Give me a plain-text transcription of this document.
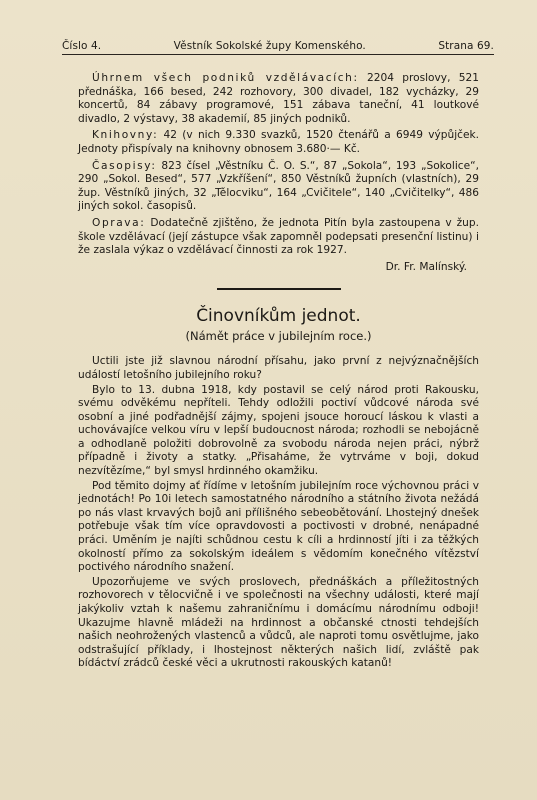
Číslo 4.	Věstník Sokolské župy Komenského.	Strana 69.

Úhrnem všech podniků vzdělávacích: 2204 proslovy, 521 přednáška, 166 besed, 242 rozhovory, 300 divadel, 182 vycházky, 29 koncertů, 84 zábavy programové, 151 zábava taneční, 41 loutkové divadlo, 2 výstavy, 38 akademií, 85 jiných podniků.

Knihovny: 42 (v nich 9.330 svazků, 1520 čtenářů a 6949 výpůjček. Jednoty přispívaly na knihovny obnosem 3.680·— Kč.

Časopisy: 823 čísel „Věstníku Č. O. S.“, 87 „Sokola“, 193 „Sokolice“, 290 „Sokol. Besed“, 577 „Vzkříšení“, 850 Věstníků župních (vlastních), 29 žup. Věstníků jiných, 32 „Tělocviku“, 164 „Cvičitele“, 140 „Cvičitelky“, 486 jiných sokol. časopisů.

Oprava: Dodatečně zjištěno, že jednota Pitín byla zastoupena v žup. škole vzdělávací (její zástupce však zapomněl podepsati presenční listinu) i že zaslala výkaz o vzdělávací činnosti za rok 1927.

Dr. Fr. Malínský.
Činovníkům jednot.
(Námět práce v jubilejním roce.)

Uctili jste již slavnou národní přísahu, jako první z nejvýznačnějších událostí letošního jubilejního roku?

Bylo to 13. dubna 1918, kdy postavil se celý národ proti Rakousku, svému odvěkému nepříteli. Tehdy odložili poctiví vůdcové národa své osobní a jiné podřadnější zájmy, spojeni jsouce horoucí láskou k vlasti a uchovávajíce velkou víru v lepší budoucnost národa; rozhodli se nebojácně a odhodlaně položiti dobrovolně za svobodu národa nejen práci, nýbrž případně i životy a statky. „Přisaháme, že vytrváme v boji, dokud nezvítězíme,“ byl smysl hrdinného okamžiku.

Pod těmito dojmy ať řídíme v letošním jubilejním roce výchovnou práci v jednotách! Po 10i letech samostatného národního a státního života nežádá po nás vlast krvavých bojů ani přílišného sebeobětování. Lhostejný dnešek potřebuje však tím více opravdovosti a poctivosti v drobné, nenápadné práci. Uměním je najíti schůdnou cestu k cíli a hrdinností jíti i za těžkých okolností přímo za sokolským ideálem s vědomím konečného vítězství poctivého národního snažení.

Upozorňujeme ve svých proslovech, přednáškách a příležitostných rozhovorech v tělocvičně i ve společnosti na všechny události, které mají jakýkoliv vztah k našemu zahraničnímu i domácímu národnímu odboji! Ukazujme hlavně mládeži na hrdinnost a občanské ctnosti tehdejších našich neohrožených vlastenců a vůdců, ale naproti tomu osvětlujme, jako odstrašující příklady, i lhostejnost některých našich lidí, zvláště pak bídáctví zrádců české věci a ukrutnosti rakouských katanů!
